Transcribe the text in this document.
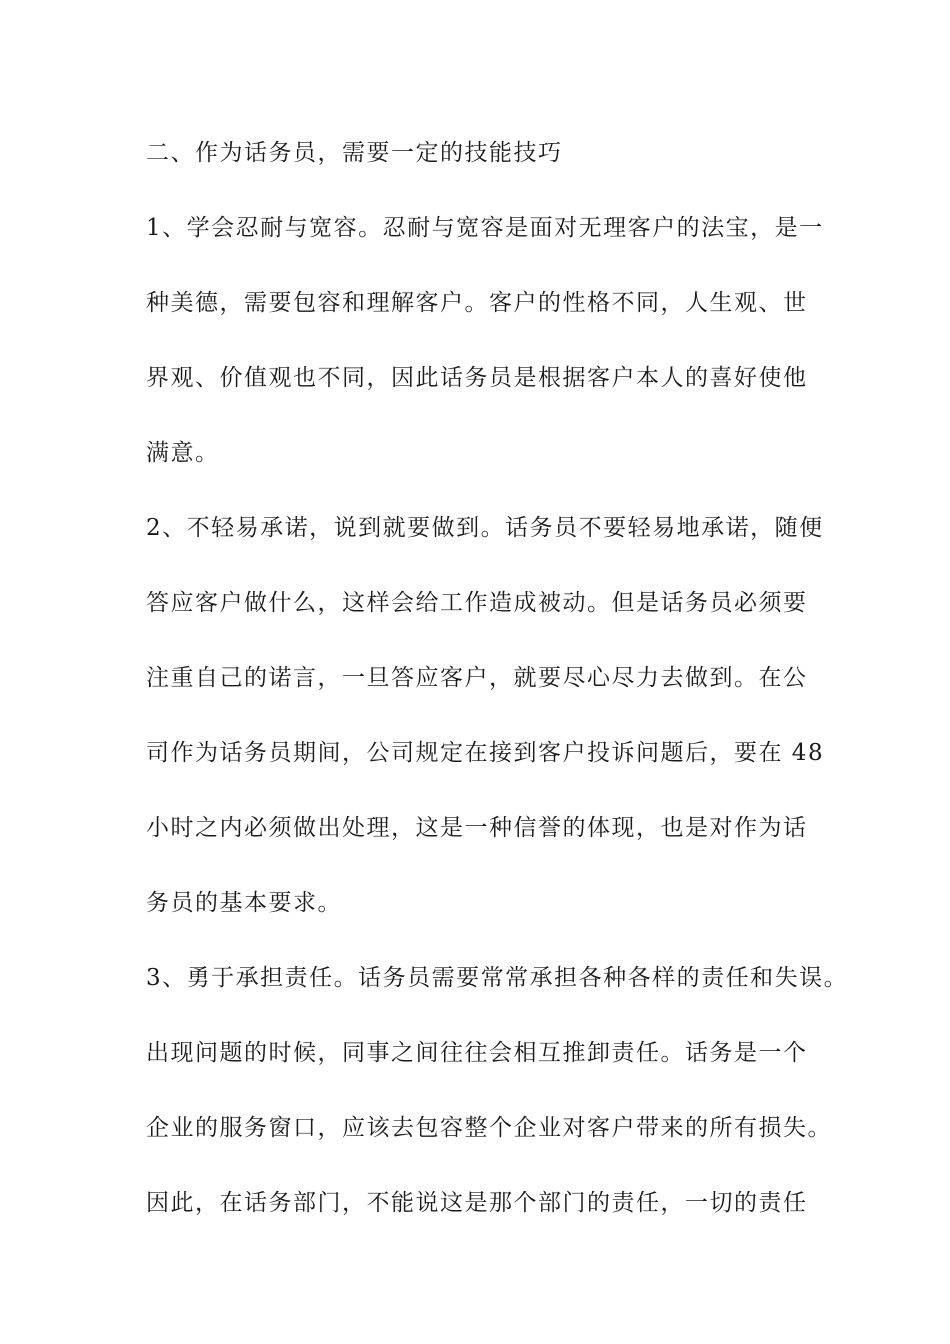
二、作为话务员，需要一定的技能技巧
1、学会忍耐与宽容。忍耐与宽容是面对无理客户的法宝，是一
种美德，需要包容和理解客户。客户的性格不同，人生观、世
界观、价值观也不同，因此话务员是根据客户本人的喜好使他
满意。
2、不轻易承诺，说到就要做到。话务员不要轻易地承诺，随便
答应客户做什么，这样会给工作造成被动。但是话务员必须要
注重自己的诺言，一旦答应客户，就要尽心尽力去做到。在公
司作为话务员期间，公司规定在接到客户投诉问题后，要在 48
小时之内必须做出处理，这是一种信誉的体现，也是对作为话
务员的基本要求。
3、勇于承担责任。话务员需要常常承担各种各样的责任和失误。
出现问题的时候，同事之间往往会相互推卸责任。话务是一个
企业的服务窗口，应该去包容整个企业对客户带来的所有损失。
因此，在话务部门，不能说这是那个部门的责任，一切的责任
